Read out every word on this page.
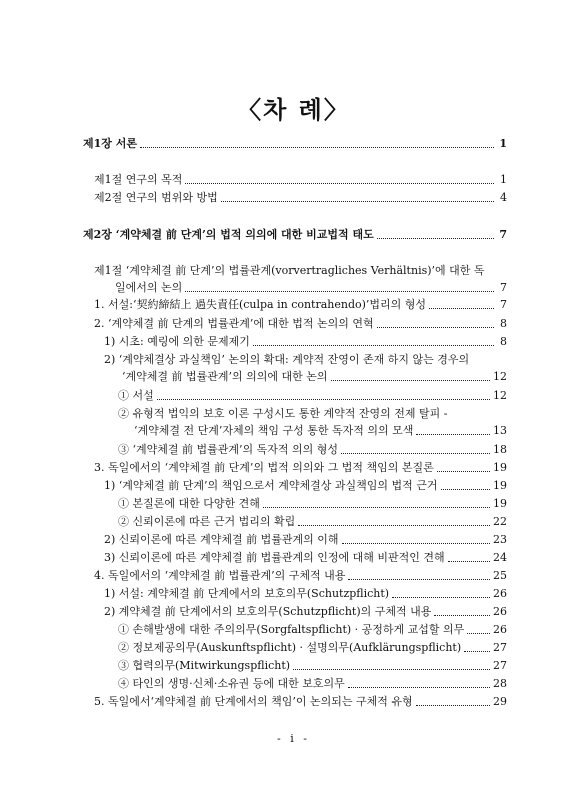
〈차 례〉
제1장 서론	1
제1절 연구의 목적	1
제2절 연구의 범위와 방법	4
제2장 ‘계약체결 前 단계’의 법적 의의에 대한 비교법적 태도	7
제1절 ‘계약체결 前 단계’의 법률관계(vorvertragliches Verhältnis)’에 대한 독
일에서의 논의	7
1. 서설:‘契約締結上 過失責任(culpa in contrahendo)’법리의 형성	7
2. ‘계약체결 前 단계의 법률관계’에 대한 법적 논의의 연혁	8
1) 시초: 예링에 의한 문제제기	8
2) ‘계약체결상 과실책임’ 논의의 확대: 계약적 잔영이 존재 하지 않는 경우의
‘계약체결 前 법률관계’의 의의에 대한 논의	12
① 서설	12
② 유형적 법익의 보호 이론 구성시도 통한 계약적 잔영의 전제 탈피 -
‘계약체결 전 단계’자체의 책임 구성 통한 독자적 의의 모색	13
③ ‘계약체결 前 법률관계’의 독자적 의의 형성	18
3. 독일에서의 ‘계약체결 前 단계’의 법적 의의와 그 법적 책임의 본질론	19
1) ‘계약체결 前 단계’의 책임으로서 계약체결상 과실책임의 법적 근거	19
① 본질론에 대한 다양한 견해	19
② 신뢰이론에 따른 근거 법리의 확립	22
2) 신뢰이론에 따른 계약체결 前 법률관계의 이해	23
3) 신뢰이론에 따른 계약체결 前 법률관계의 인정에 대해 비판적인 견해	24
4. 독일에서의 ‘계약체결 前 법률관계’의 구체적 내용	25
1) 서설: 계약체결 前 단계에서의 보호의무(Schutzpflicht)	26
2) 계약체결 前 단계에서의 보호의무(Schutzpflicht)의 구체적 내용	26
① 손해발생에 대한 주의의무(Sorgfaltspflicht) · 공정하게 교섭할 의무	26
② 정보제공의무(Auskunftspflicht) · 설명의무(Aufklärungspflicht)	27
③ 협력의무(Mitwirkungspflicht)	27
④ 타인의 생명·신체·소유권 등에 대한 보호의무	28
5. 독일에서‘계약체결 前 단계에서의 책임’이 논의되는 구체적 유형	29
- i -
